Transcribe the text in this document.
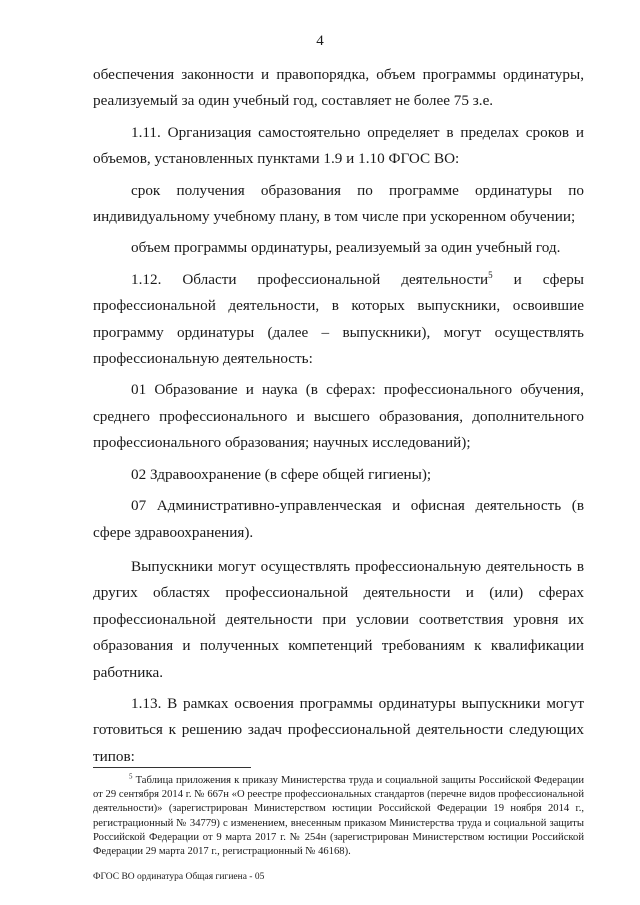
4

обеспечения законности и правопорядка, объем программы ординатуры, реализуемый за один учебный год, составляет не более 75 з.е.

1.11. Организация самостоятельно определяет в пределах сроков и объемов, установленных пунктами 1.9 и 1.10 ФГОС ВО:

срок получения образования по программе ординатуры по индивидуальному учебному плану, в том числе при ускоренном обучении;

объем программы ординатуры, реализуемый за один учебный год.

1.12. Области профессиональной деятельности$^5$ и сферы профессиональной деятельности, в которых выпускники, освоившие программу ординатуры (далее – выпускники), могут осуществлять профессиональную деятельность:

01 Образование и наука (в сферах: профессионального обучения, среднего профессионального и высшего образования, дополнительного профессионального образования; научных исследований);

02 Здравоохранение (в сфере общей гигиены);

07 Административно-управленческая и офисная деятельность (в сфере здравоохранения).

Выпускники могут осуществлять профессиональную деятельность в других областях профессиональной деятельности и (или) сферах профессиональной деятельности при условии соответствия уровня их образования и полученных компетенций требованиям к квалификации работника.

1.13. В рамках освоения программы ординатуры выпускники могут готовиться к решению задач профессиональной деятельности следующих типов:

$^5$ Таблица приложения к приказу Министерства труда и социальной защиты Российской Федерации от 29 сентября 2014 г. № 667н «О реестре профессиональных стандартов (перечне видов профессиональной деятельности)» (зарегистрирован Министерством юстиции Российской Федерации 19 ноября 2014 г., регистрационный № 34779) с изменением, внесенным приказом Министерства труда и социальной защиты Российской Федерации от 9 марта 2017 г. № 254н (зарегистрирован Министерством юстиции Российской Федерации 29 марта 2017 г., регистрационный № 46168).

ФГОС ВО ординатура Общая гигиена - 05
